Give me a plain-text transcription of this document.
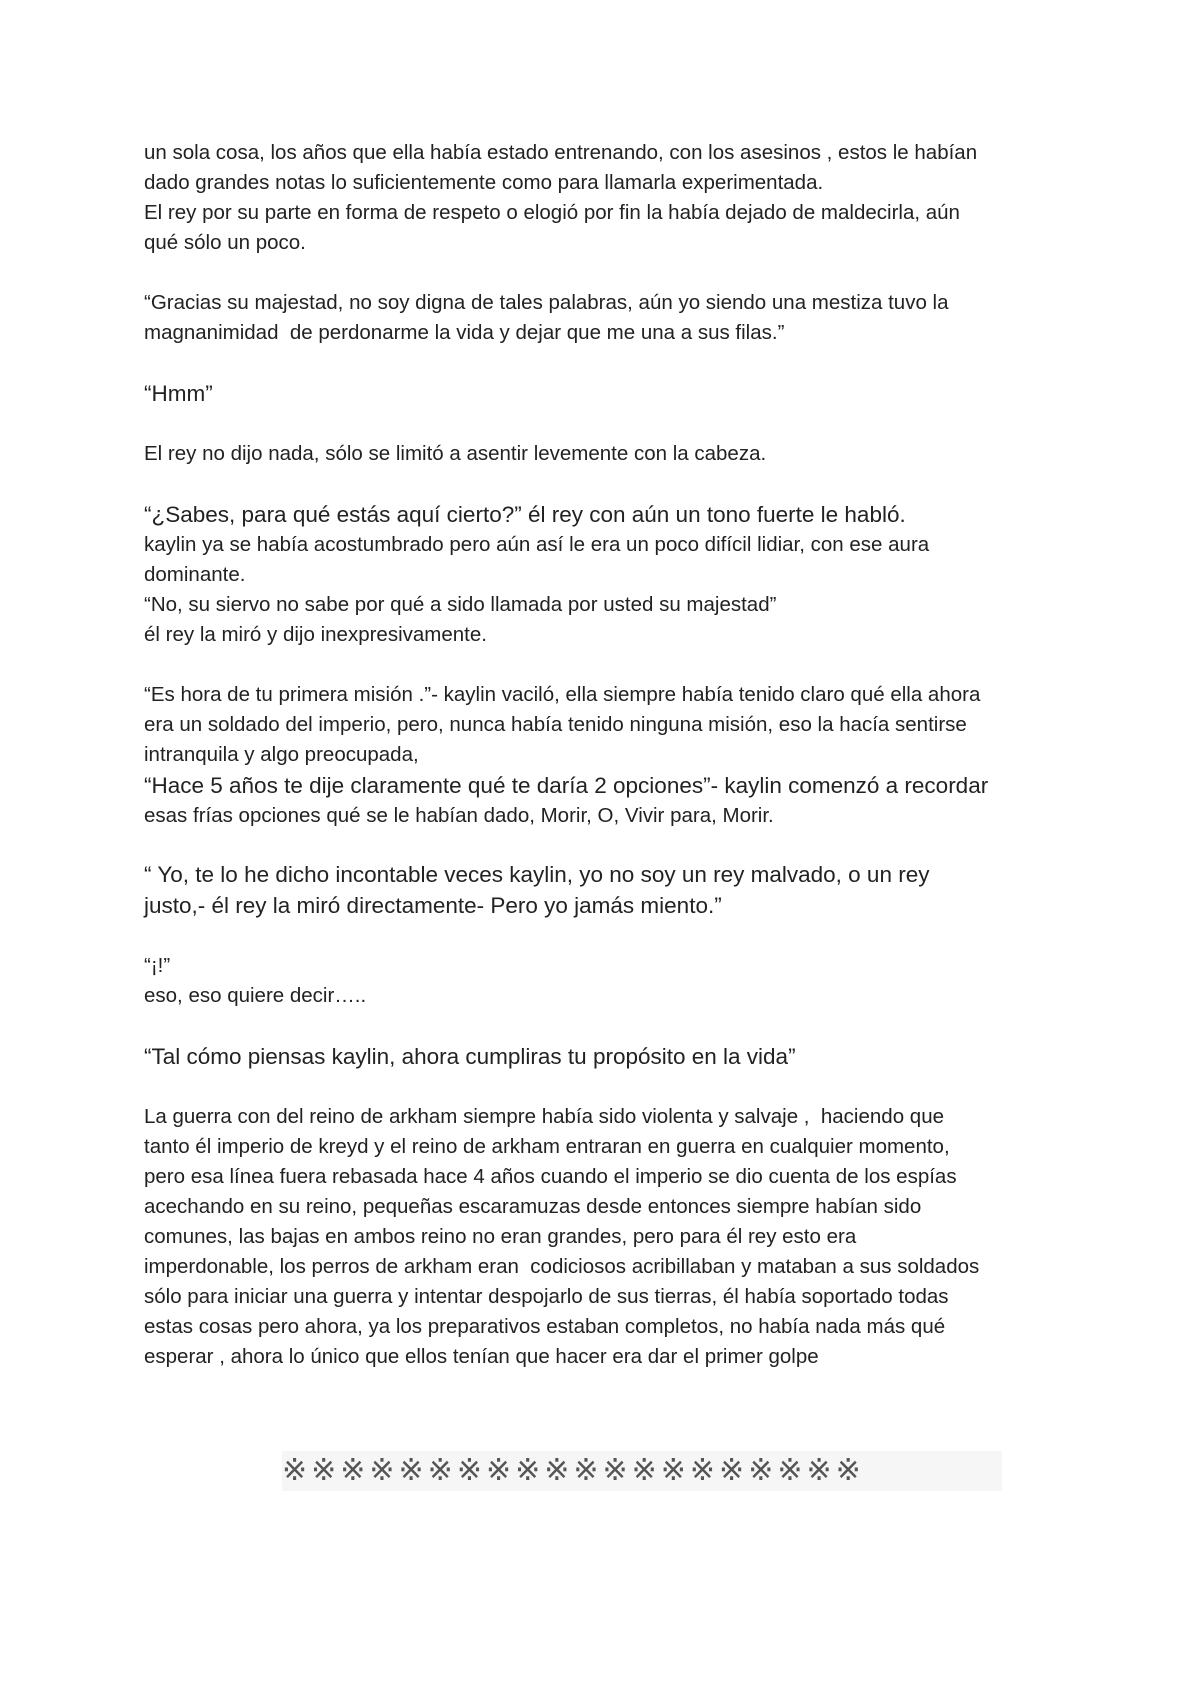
un sola cosa, los años que ella había estado entrenando, con los asesinos , estos le habían
dado grandes notas lo suficientemente como para llamarla experimentada.
El rey por su parte en forma de respeto o elogió por fin la había dejado de maldecirla, aún
qué sólo un poco.
“Gracias su majestad, no soy digna de tales palabras, aún yo siendo una mestiza tuvo la
magnanimidad  de perdonarme la vida y dejar que me una a sus filas.”
“Hmm”
El rey no dijo nada, sólo se limitó a asentir levemente con la cabeza.
“¿Sabes, para qué estás aquí cierto?” él rey con aún un tono fuerte le habló.
kaylin ya se había acostumbrado pero aún así le era un poco difícil lidiar, con ese aura
dominante.
“No, su siervo no sabe por qué a sido llamada por usted su majestad”
él rey la miró y dijo inexpresivamente.
“Es hora de tu primera misión .”- kaylin vaciló, ella siempre había tenido claro qué ella ahora
era un soldado del imperio, pero, nunca había tenido ninguna misión, eso la hacía sentirse
intranquila y algo preocupada,
“Hace 5 años te dije claramente qué te daría 2 opciones”- kaylin comenzó a recordar
esas frías opciones qué se le habían dado, Morir, O, Vivir para, Morir.
“ Yo, te lo he dicho incontable veces kaylin, yo no soy un rey malvado, o un rey
justo,- él rey la miró directamente- Pero yo jamás miento.”
“¡!”
eso, eso quiere decir…..
“Tal cómo piensas kaylin, ahora cumpliras tu propósito en la vida”
La guerra con del reino de arkham siempre había sido violenta y salvaje ,  haciendo que
tanto él imperio de kreyd y el reino de arkham entraran en guerra en cualquier momento,
pero esa línea fuera rebasada hace 4 años cuando el imperio se dio cuenta de los espías
acechando en su reino, pequeñas escaramuzas desde entonces siempre habían sido
comunes, las bajas en ambos reino no eran grandes, pero para él rey esto era
imperdonable, los perros de arkham eran  codiciosos acribillaban y mataban a sus soldados
sólo para iniciar una guerra y intentar despojarlo de sus tierras, él había soportado todas
estas cosas pero ahora, ya los preparativos estaban completos, no había nada más qué
esperar , ahora lo único que ellos tenían que hacer era dar el primer golpe
※※※※※※※※※※※※※※※※※※※※
